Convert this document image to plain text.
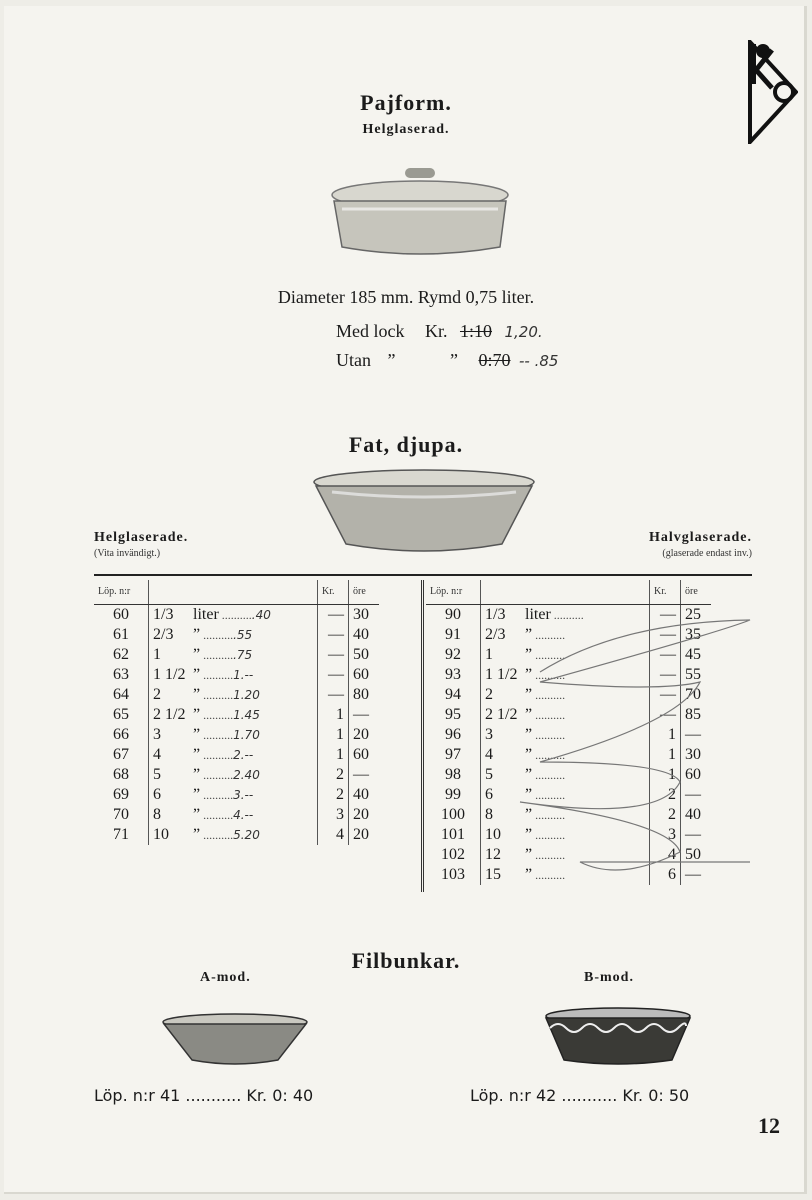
Pajform.
Helglaserad.
Diameter 185 mm. Rymd 0,75 liter.
Med lock Kr. 1:10 1,20.
Utan ”	” 0:70 -- .85
Fat, djupa.
Helglaserade.
(Vita invändigt.)
Halvglaserade.
(glaserade endast inv.)
Löp. n:r		Kr.	öre
60	1/3 liter ...........40	—	30
61	2/3 ” ...........55	—	40
62	1 ” ...........75	—	50
63	1 1/2 ” ..........1.--	—	60
64	2 ” ..........1.20	—	80
65	2 1/2 ” ..........1.45	1	—
66	3 ” ..........1.70	1	20
67	4 ” ..........2.--	1	60
68	5 ” ..........2.40	2	—
69	6 ” ..........3.--	2	40
70	8 ” ..........4.--	3	20
71	10 ” ..........5.20	4	20
Löp. n:r		Kr.	öre
90	1/3 liter ..........	—	25
91	2/3 ” ..........	—	35
92	1 ” ..........	—	45
93	1 1/2 ” ..........	—	55
94	2 ” ..........	—	70
95	2 1/2 ” ..........	—	85
96	3 ” ..........	1	—
97	4 ” ..........	1	30
98	5 ” ..........	1	60
99	6 ” ..........	2	—
100	8 ” ..........	2	40
101	10 ” ..........	3	—
102	12 ” ..........	4	50
103	15 ” ..........	6	—
Filbunkar.
A-mod.	B-mod.
Löp. n:r 41 ........... Kr. 0: 40	Löp. n:r 42 ........... Kr. 0: 50
12
